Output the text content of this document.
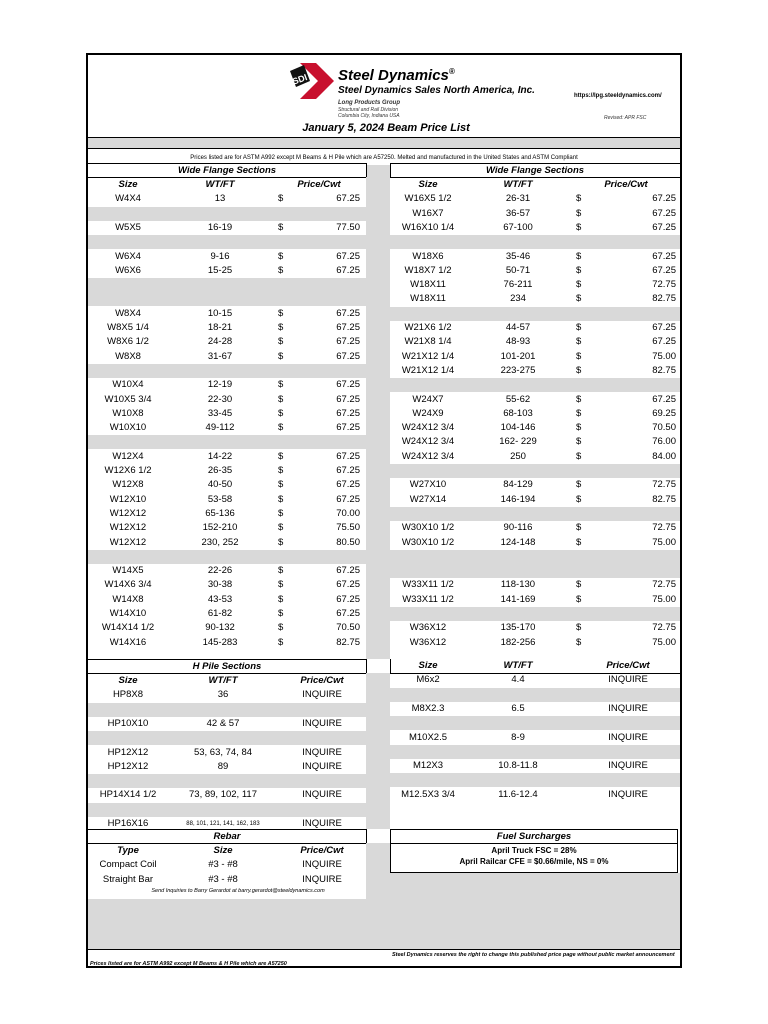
SDI Steel Dynamics®
Steel Dynamics Sales North America, Inc.
Long Products Group
Structural and Rail Division
Columbia City, Indiana USA
https://lpg.steeldynamics.com/
Revised: APR FSC
January 5, 2024 Beam Price List
Prices listed are for ASTM A992 except M Beams & H Pile which are A57250. Melted and manufactured in the United States and ASTM Compliant
Wide Flange Sections	Wide Flange Sections
Size	WT/FT	Price/Cwt
W4X4	13	$	67.25
W5X5	16-19	$	77.50
W6X4	9-16	$	67.25
W6X6	15-25	$	67.25
W8X4	10-15	$	67.25
W8X5 1/4	18-21	$	67.25
W8X6 1/2	24-28	$	67.25
W8X8	31-67	$	67.25
W10X4	12-19	$	67.25
W10X5 3/4	22-30	$	67.25
W10X8	33-45	$	67.25
W10X10	49-112	$	67.25
W12X4	14-22	$	67.25
W12X6 1/2	26-35	$	67.25
W12X8	40-50	$	67.25
W12X10	53-58	$	67.25
W12X12	65-136	$	70.00
W12X12	152-210	$	75.50
W12X12	230, 252	$	80.50
W14X5	22-26	$	67.25
W14X6 3/4	30-38	$	67.25
W14X8	43-53	$	67.25
W14X10	61-82	$	67.25
W14X14 1/2	90-132	$	70.50
W14X16	145-283	$	82.75
Size	WT/FT	Price/Cwt
W16X5 1/2	26-31	$	67.25
W16X7	36-57	$	67.25
W16X10 1/4	67-100	$	67.25
W18X6	35-46	$	67.25
W18X7 1/2	50-71	$	67.25
W18X11	76-211	$	72.75
W18X11	234	$	82.75
W21X6 1/2	44-57	$	67.25
W21X8 1/4	48-93	$	67.25
W21X12 1/4	101-201	$	75.00
W21X12 1/4	223-275	$	82.75
W24X7	55-62	$	67.25
W24X9	68-103	$	69.25
W24X12 3/4	104-146	$	70.50
W24X12 3/4	162- 229	$	76.00
W24X12 3/4	250	$	84.00
W27X10	84-129	$	72.75
W27X14	146-194	$	82.75
W30X10 1/2	90-116	$	72.75
W30X10 1/2	124-148	$	75.00
W33X11 1/2	118-130	$	72.75
W33X11 1/2	141-169	$	75.00
W36X12	135-170	$	72.75
W36X12	182-256	$	75.00
H Pile Sections
Size	WT/FT	Price/Cwt
HP8X8	36	INQUIRE
HP10X10	42 & 57	INQUIRE
HP12X12	53, 63, 74, 84	INQUIRE
HP12X12	89	INQUIRE
HP14X14 1/2	73, 89, 102, 117	INQUIRE
HP16X16	88, 101, 121, 141, 162, 183	INQUIRE
Size	WT/FT	Price/Cwt
M6x2	4.4	INQUIRE
M8X2.3	6.5	INQUIRE
M10X2.5	8-9	INQUIRE
M12X3	10.8-11.8	INQUIRE
M12.5X3 3/4	11.6-12.4	INQUIRE
Rebar
Type	Size	Price/Cwt
Compact Coil	#3 - #8	INQUIRE
Straight Bar	#3 - #8	INQUIRE
Send Inquiries to Barry Gerardot at barry.gerardot@steeldynamics.com
Fuel Surcharges
April Truck FSC = 28%
April Railcar CFE = $0.66/mile, NS = 0%
Prices listed are for ASTM A992 except M Beams & H Pile which are A57250
Steel Dynamics reserves the right to change this published price page without public market announcement
